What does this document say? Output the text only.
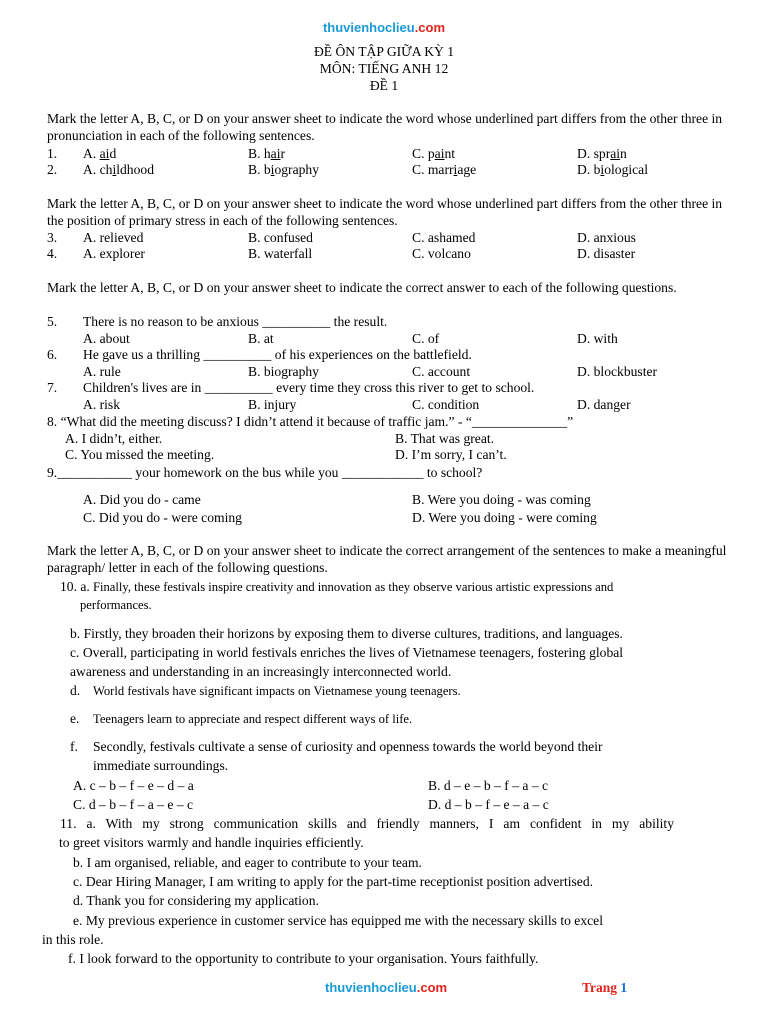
thuvienhoclieu.com
ĐỀ ÔN TẬP GIỮA KỲ 1
MÔN: TIẾNG ANH 12
ĐỀ 1
Mark the letter A, B, C, or D on your answer sheet to indicate the word whose underlined part differs from the other three in pronunciation in each of the following sentences.
1. A. aid	B. hair	C. paint	D. sprain
2. A. childhood	B. biography	C. marriage	D. biological
Mark the letter A, B, C, or D on your answer sheet to indicate the word whose underlined part differs from the other three in the position of primary stress in each of the following sentences.
3. A. relieved	B. confused	C. ashamed	D. anxious
4. A. explorer	B. waterfall	C. volcano	D. disaster
Mark the letter A, B, C, or D on your answer sheet to indicate the correct answer to each of the following questions.
5. There is no reason to be anxious __________ the result.
A. about	B. at	C. of	D. with
6. He gave us a thrilling __________ of his experiences on the battlefield.
A. rule	B. biography	C. account	D. blockbuster
7. Children's lives are in __________ every time they cross this river to get to school.
A. risk	B. injury	C. condition	D. danger
8. “What did the meeting discuss? I didn’t attend it because of traffic jam.” - “______________”
A. I didn’t, either.	B. That was great.
C. You missed the meeting.	D. I’m sorry, I can’t.
9.___________ your homework on the bus while you ____________ to school?
A. Did you do - came	B. Were you doing - was coming
C. Did you do - were coming	D. Were you doing - were coming
Mark the letter A, B, C, or D on your answer sheet to indicate the correct arrangement of the sentences to make a meaningful paragraph/ letter in each of the following questions.
10. a. Finally, these festivals inspire creativity and innovation as they observe various artistic expressions and
performances.
b. Firstly, they broaden their horizons by exposing them to diverse cultures, traditions, and languages.
c. Overall, participating in world festivals enriches the lives of Vietnamese teenagers, fostering global
awareness and understanding in an increasingly interconnected world.
d. World festivals have significant impacts on Vietnamese young teenagers.
e. Teenagers learn to appreciate and respect different ways of life.
f. Secondly, festivals cultivate a sense of curiosity and openness towards the world beyond their
immediate surroundings.
A. c – b – f – e – d – a	B. d – e – b – f – a – c
C. d – b – f – a – e – c	D. d – b – f – e – a – c
11. a. With my strong communication skills and friendly manners, I am confident in my ability
to greet visitors warmly and handle inquiries efficiently.
b. I am organised, reliable, and eager to contribute to your team.
c. Dear Hiring Manager, I am writing to apply for the part-time receptionist position advertised.
d. Thank you for considering my application.
e. My previous experience in customer service has equipped me with the necessary skills to excel
in this role.
f. I look forward to the opportunity to contribute to your organisation. Yours faithfully.
thuvienhoclieu.com	Trang 1
